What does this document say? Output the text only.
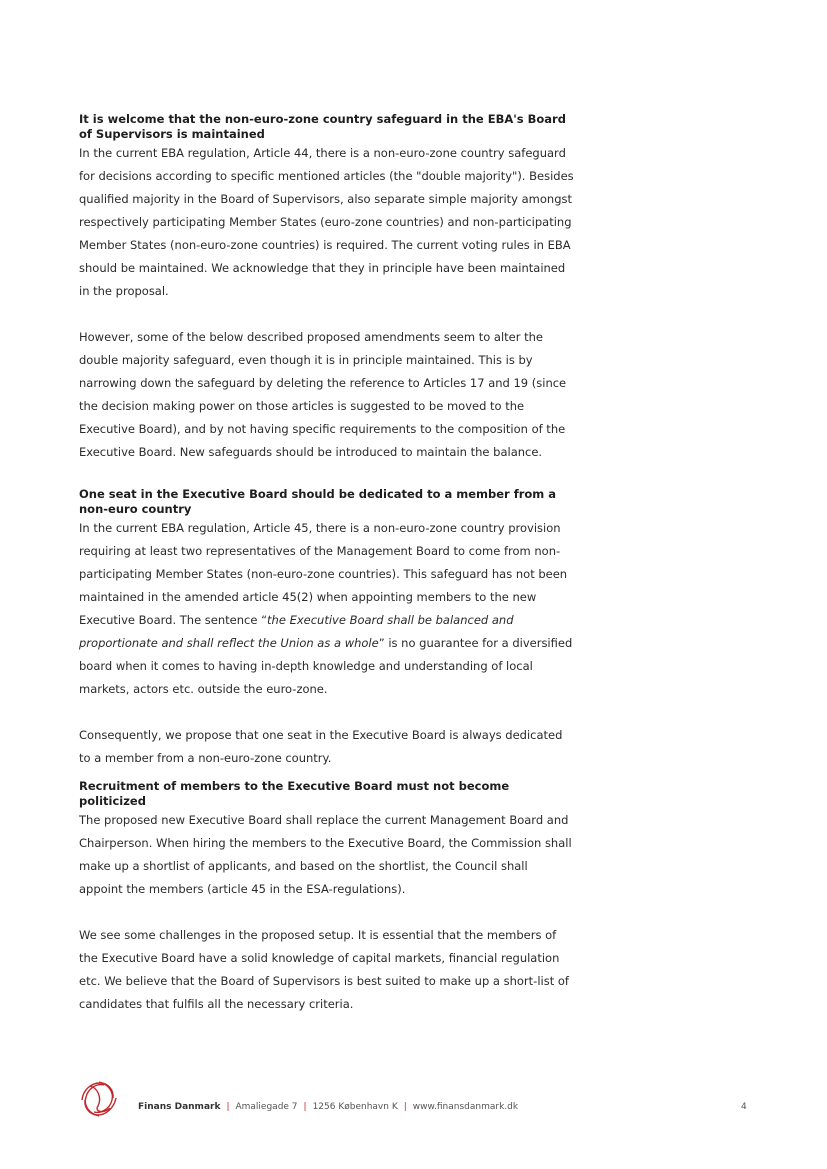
It is welcome that the non-euro-zone country safeguard in the EBA's Board of Supervisors is maintained

In the current EBA regulation, Article 44, there is a non-euro-zone country safeguard for decisions according to specific mentioned articles (the "double majority"). Besides qualified majority in the Board of Supervisors, also separate simple majority amongst respectively participating Member States (euro-zone countries) and non-participating Member States (non-euro-zone countries) is required. The current voting rules in EBA should be maintained. We acknowledge that they in principle have been maintained in the proposal.

However, some of the below described proposed amendments seem to alter the double majority safeguard, even though it is in principle maintained. This is by narrowing down the safeguard by deleting the reference to Articles 17 and 19 (since the decision making power on those articles is suggested to be moved to the Executive Board), and by not having specific requirements to the composition of the Executive Board. New safeguards should be introduced to maintain the balance.

One seat in the Executive Board should be dedicated to a member from a non-euro country

In the current EBA regulation, Article 45, there is a non-euro-zone country provision requiring at least two representatives of the Management Board to come from non-participating Member States (non-euro-zone countries). This safeguard has not been maintained in the amended article 45(2) when appointing members to the new Executive Board. The sentence “the Executive Board shall be balanced and proportionate and shall reflect the Union as a whole” is no guarantee for a diversified board when it comes to having in-depth knowledge and understanding of local markets, actors etc. outside the euro-zone.

Consequently, we propose that one seat in the Executive Board is always dedicated to a member from a non-euro-zone country.

Recruitment of members to the Executive Board must not become politicized

The proposed new Executive Board shall replace the current Management Board and Chairperson. When hiring the members to the Executive Board, the Commission shall make up a shortlist of applicants, and based on the shortlist, the Council shall appoint the members (article 45 in the ESA-regulations).

We see some challenges in the proposed setup. It is essential that the members of the Executive Board have a solid knowledge of capital markets, financial regulation etc. We believe that the Board of Supervisors is best suited to make up a short-list of candidates that fulfils all the necessary criteria.

Finans Danmark | Amaliegade 7 | 1256 København K | www.finansdanmark.dk	4
